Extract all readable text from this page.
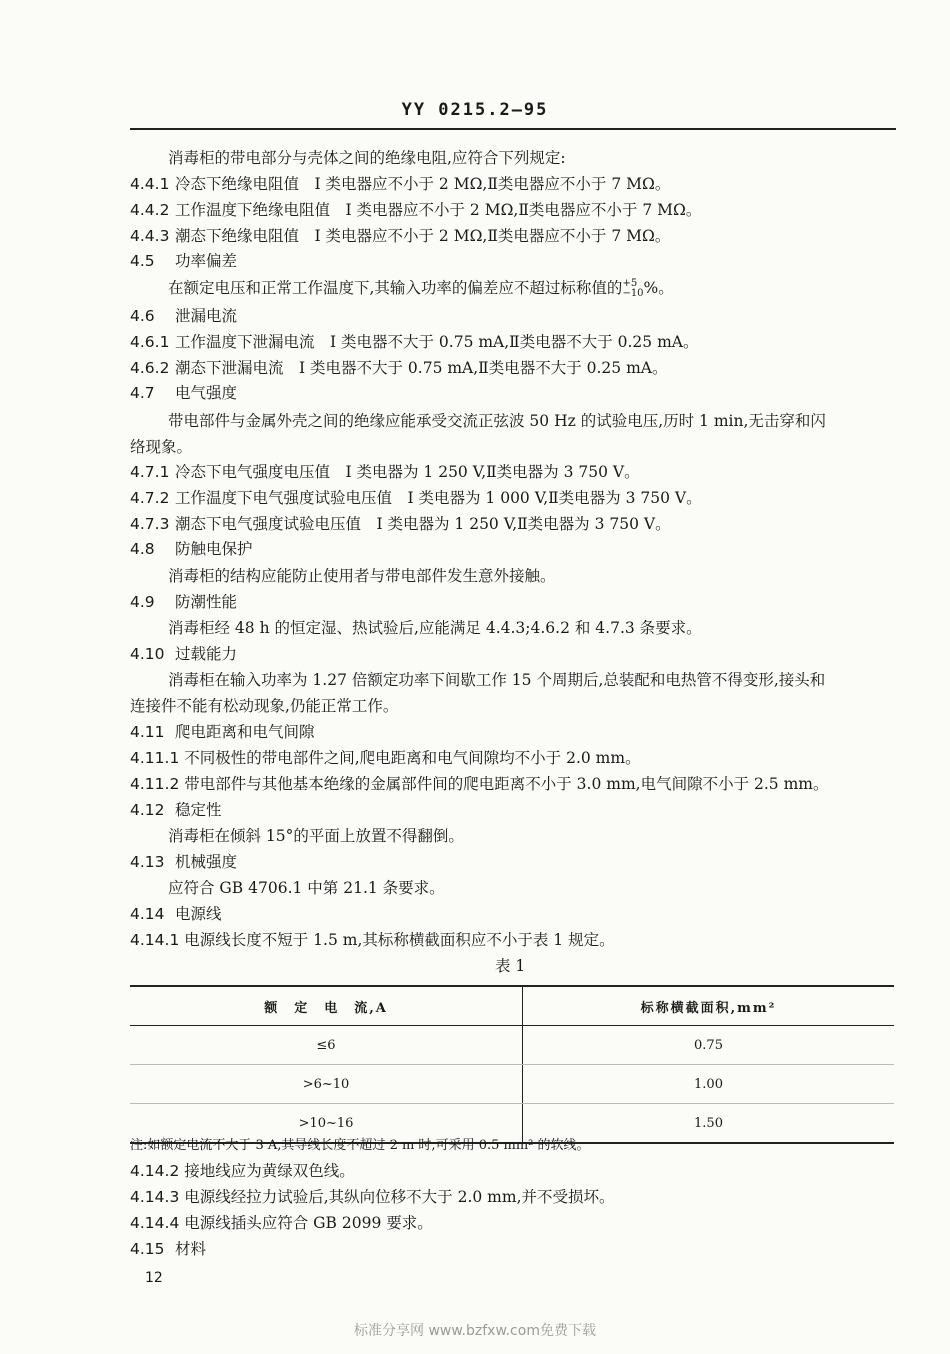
YY 0215.2—95
消毒柜的带电部分与壳体之间的绝缘电阻,应符合下列规定:
4.4.1 冷态下绝缘电阻值　I 类电器应不小于 2 MΩ,Ⅱ类电器应不小于 7 MΩ。
4.4.2 工作温度下绝缘电阻值　I 类电器应不小于 2 MΩ,Ⅱ类电器应不小于 7 MΩ。
4.4.3 潮态下绝缘电阻值　I 类电器应不小于 2 MΩ,Ⅱ类电器应不小于 7 MΩ。
4.5 功率偏差
在额定电压和正常工作温度下,其输入功率的偏差应不超过标称值的 +5
−10 %。
4.6 泄漏电流
4.6.1 工作温度下泄漏电流　I 类电器不大于 0.75 mA,Ⅱ类电器不大于 0.25 mA。
4.6.2 潮态下泄漏电流　I 类电器不大于 0.75 mA,Ⅱ类电器不大于 0.25 mA。
4.7 电气强度
带电部件与金属外壳之间的绝缘应能承受交流正弦波 50 Hz 的试验电压,历时 1 min,无击穿和闪
络现象。
4.7.1 冷态下电气强度电压值　I 类电器为 1 250 V,Ⅱ类电器为 3 750 V。
4.7.2 工作温度下电气强度试验电压值　I 类电器为 1 000 V,Ⅱ类电器为 3 750 V。
4.7.3 潮态下电气强度试验电压值　I 类电器为 1 250 V,Ⅱ类电器为 3 750 V。
4.8 防触电保护
消毒柜的结构应能防止使用者与带电部件发生意外接触。
4.9 防潮性能
消毒柜经 48 h 的恒定湿、热试验后,应能满足 4.4.3;4.6.2 和 4.7.3 条要求。
4.10 过载能力
消毒柜在输入功率为 1.27 倍额定功率下间歇工作 15 个周期后,总装配和电热管不得变形,接头和
连接件不能有松动现象,仍能正常工作。
4.11 爬电距离和电气间隙
4.11.1 不同极性的带电部件之间,爬电距离和电气间隙均不小于 2.0 mm。
4.11.2 带电部件与其他基本绝缘的金属部件间的爬电距离不小于 3.0 mm,电气间隙不小于 2.5 mm。
4.12 稳定性
消毒柜在倾斜 15°的平面上放置不得翻倒。
4.13 机械强度
应符合 GB 4706.1 中第 21.1 条要求。
4.14 电源线
4.14.1 电源线长度不短于 1.5 m,其标称横截面积应不小于表 1 规定。
表 1
额　定　电　流,A	标称横截面积,mm²
≤6	0.75
>6~10	1.00
>10~16	1.50
注:如额定电流不大于 3 A,其导线长度不超过 2 m 时,可采用 0.5 mm² 的软线。
4.14.2 接地线应为黄绿双色线。
4.14.3 电源线经拉力试验后,其纵向位移不大于 2.0 mm,并不受损坏。
4.14.4 电源线插头应符合 GB 2099 要求。
4.15 材料
12
标准分享网 www.bzfxw.com免费下载
